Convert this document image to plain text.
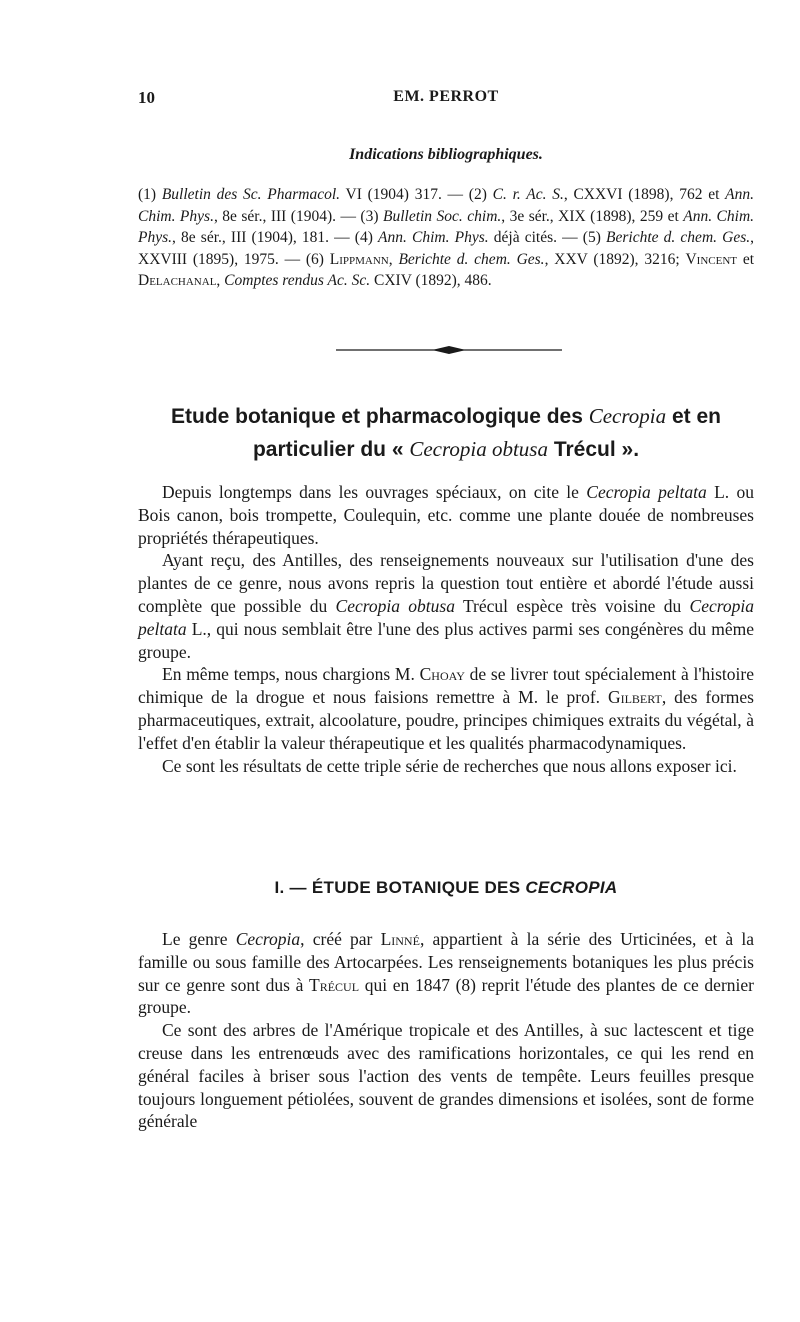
10	EM. PERROT
Indications bibliographiques.

(1) Bulletin des Sc. Pharmacol. VI (1904) 317. — (2) C. r. Ac. S., CXXVI (1898), 762 et Ann. Chim. Phys., 8e sér., III (1904). — (3) Bulletin Soc. chim., 3e sér., XIX (1898), 259 et Ann. Chim. Phys., 8e sér., III (1904), 181. — (4) Ann. Chim. Phys. déjà cités. — (5) Berichte d. chem. Ges., XXVIII (1895), 1975. — (6) Lippmann, Berichte d. chem. Ges., XXV (1892), 3216; Vincent et Delachanal, Comptes rendus Ac. Sc. CXIV (1892), 486.

Etude botanique et pharmacologique des Cecropia et en particulier du « Cecropia obtusa Trécul ».

Depuis longtemps dans les ouvrages spéciaux, on cite le Cecropia peltata L. ou Bois canon, bois trompette, Coulequin, etc. comme une plante douée de nombreuses propriétés thérapeutiques.

Ayant reçu, des Antilles, des renseignements nouveaux sur l'utilisation d'une des plantes de ce genre, nous avons repris la question tout entière et abordé l'étude aussi complète que possible du Cecropia obtusa Trécul espèce très voisine du Cecropia peltata L., qui nous semblait être l'une des plus actives parmi ses congénères du même groupe.

En même temps, nous chargions M. Choay de se livrer tout spécialement à l'histoire chimique de la drogue et nous faisions remettre à M. le prof. Gilbert, des formes pharmaceutiques, extrait, alcoolature, poudre, principes chimiques extraits du végétal, à l'effet d'en établir la valeur thérapeutique et les qualités pharmacodynamiques.

Ce sont les résultats de cette triple série de recherches que nous allons exposer ici.

I. — ÉTUDE BOTANIQUE DES CECROPIA

Le genre Cecropia, créé par Linné, appartient à la série des Urticinées, et à la famille ou sous famille des Artocarpées. Les renseignements botaniques les plus précis sur ce genre sont dus à Trécul qui en 1847 (8) reprit l'étude des plantes de ce dernier groupe.

Ce sont des arbres de l'Amérique tropicale et des Antilles, à suc lactescent et tige creuse dans les entrenœuds avec des ramifications horizontales, ce qui les rend en général faciles à briser sous l'action des vents de tempête. Leurs feuilles presque toujours longuement pétiolées, souvent de grandes dimensions et isolées, sont de forme générale
